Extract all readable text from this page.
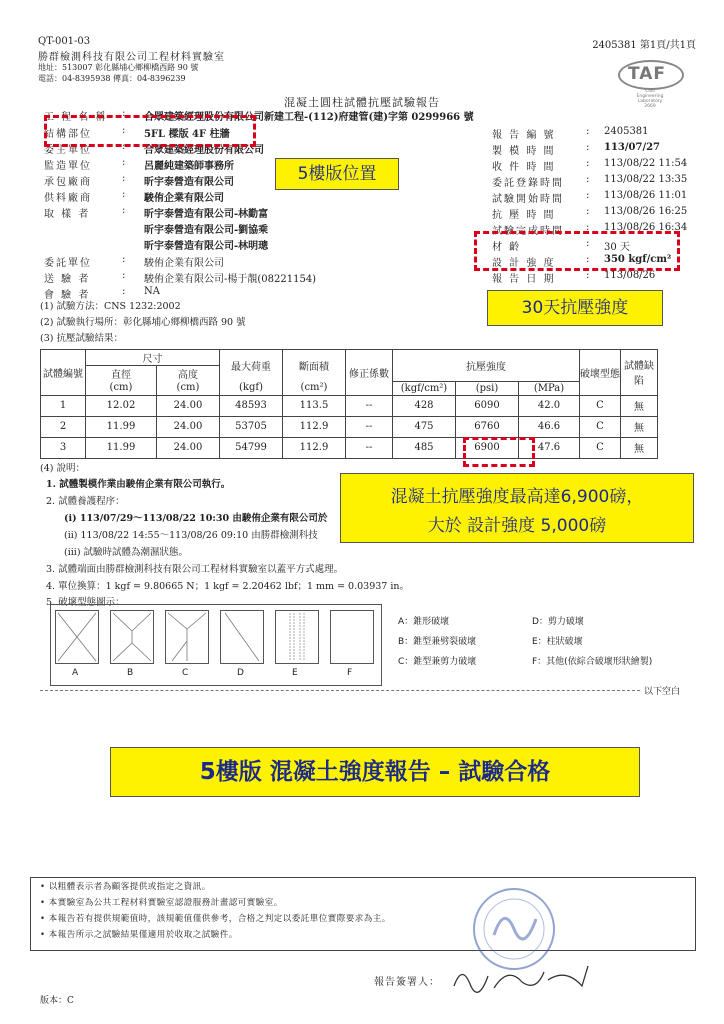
QT-001-03
勝群檢測科技有限公司工程材料實驗室
地址：513007 彰化縣埔心鄉柳橋西路 90 號
電話：04-8395938 傳真：04-8396239
2405381 第1頁/共1頁
TAF
Civil Engineering Laboratory 2669
混凝土圓柱試體抗壓試驗報告
工 程 名 稱 : 合眾建築經理股份有限公司新建工程-(112)府建管(建)字第 0299966 號
結構部位	: 5FL 樑版 4F 柱牆
委主單位	: 合眾建築經理股份有限公司
監造單位	: 呂麗純建築師事務所
承包廠商	: 昕宇泰營造有限公司
供料廠商	: 駿侑企業有限公司
取 樣 者	: 昕宇泰營造有限公司-林勤富
昕宇泰營造有限公司-劉協乘
昕宇泰營造有限公司-林明璁
委託單位	: 駿侑企業有限公司
送 驗 者	: 駿侑企業有限公司-楊于靚(08221154)
會 驗 者	: NA
報 告 編 號	: 2405381
製 模 時 間	: 113/07/27
收 件 時 間	: 113/08/22 11:54
委託登錄時間 : 113/08/22 13:35
試驗開始時間 : 113/08/26 11:01
抗 壓 時 間	: 113/08/26 16:25
試驗完成時間 : 113/08/26 16:34
材 齡	: 30 天
設 計 強 度	: 350 kgf/cm²
報 告 日 期	: 113/08/26
(1) 試驗方法：CNS 1232:2002
(2) 試驗執行場所：彰化縣埔心鄉柳橋西路 90 號
(3) 抗壓試驗結果：
試體編號	尺寸		最大荷重	斷面積	修正係數	抗壓強度			破壞型態	試體缺陷
	直徑	高度								
	(cm)	(cm)	(kgf)	(cm²)		(kgf/cm²)	(psi)	(MPa)		
1	12.02	24.00	48593	113.5	--	428	6090	42.0	C	無
2	11.99	24.00	53705	112.9	--	475	6760	46.6	C	無
3	11.99	24.00	54799	112.9	--	485	6900	47.6	C	無
(4) 說明：
1. 試體製模作業由駿侑企業有限公司執行。
2. 試體養護程序：
(i) 113/07/29～113/08/22 10:30 由駿侑企業有限公司於
(ii) 113/08/22 14:55～113/08/26 09:10 由勝群檢測科技
(iii) 試驗時試體為潮濕狀態。
3. 試體端面由勝群檢測科技有限公司工程材料實驗室以蓋平方式處理。
4. 單位換算：1 kgf = 9.80665 N；1 kgf = 2.20462 lbf；1 mm = 0.03937 in。
5. 破壞型態圖示：
A	B	C	D	E	F
A：錐形破壞
B：錐型兼劈裂破壞
C：錐型兼剪力破壞
D：剪力破壞
E：柱狀破壞
F：其他(依綜合破壞形狀繪製)
以下空白
• 以粗體表示者為顧客提供或指定之資訊。
• 本實驗室為公共工程材料實驗室認證服務計畫認可實驗室。
• 本報告若有提供規範值時，該規範值僅供參考，合格之判定以委託單位實際要求為主。
• 本報告所示之試驗結果僅適用於收取之試驗件。
報告簽署人：
版本：C
5樓版位置
30天抗壓強度
混凝土抗壓強度最高達6,900磅，
大於 設計強度 5,000磅
5樓版 混凝土強度報告 – 試驗合格
